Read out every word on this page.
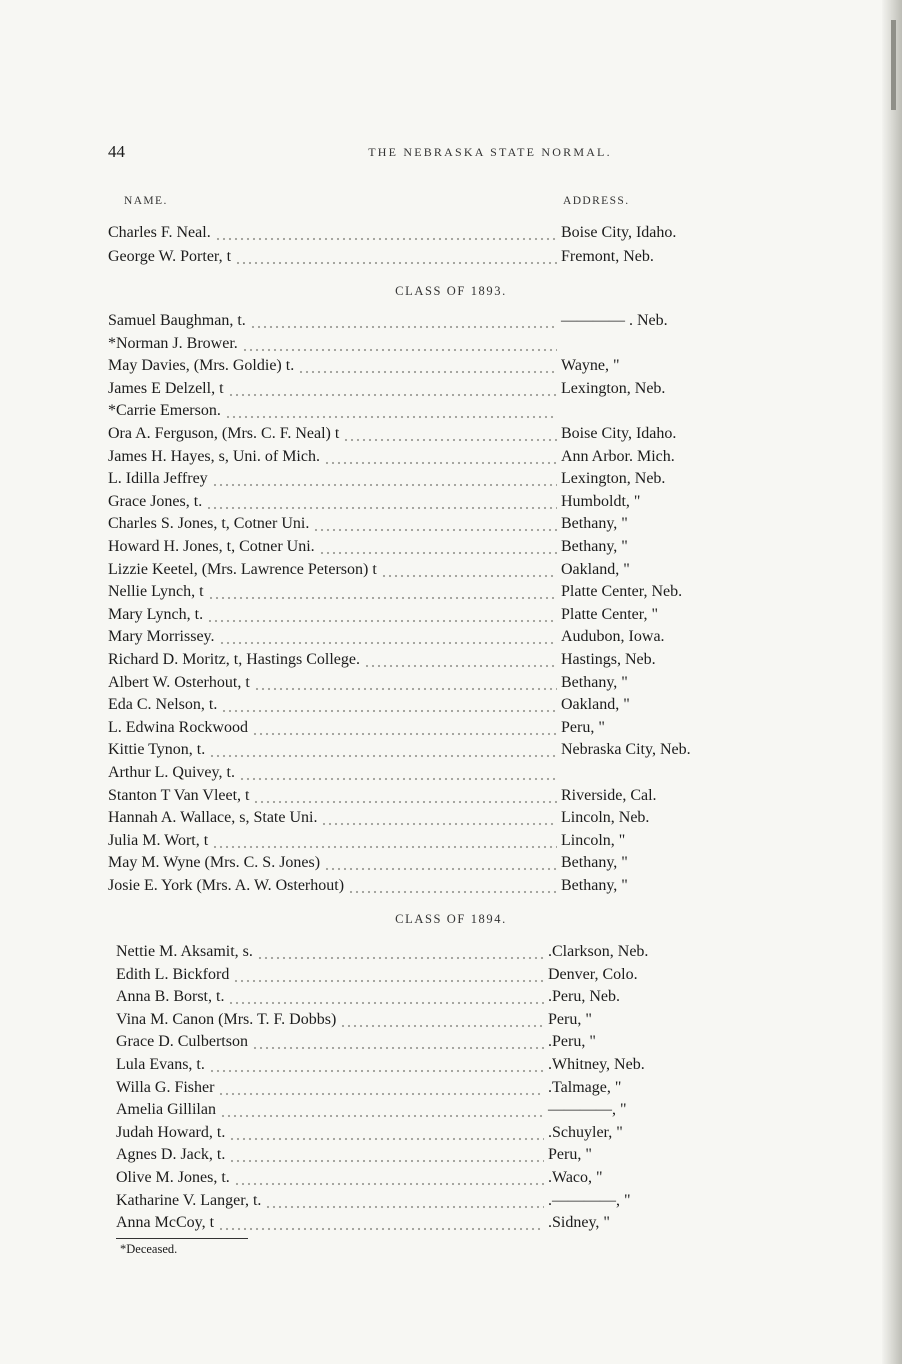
44	THE NEBRASKA STATE NORMAL.
NAME.	ADDRESS.
Charles F. Neal.	Boise City, Idaho.
George W. Porter, t	Fremont, Neb.
CLASS OF 1893.
Samuel Baughman, t.	———— . Neb.
*Norman J. Brower.
May Davies, (Mrs. Goldie) t.	Wayne, "
James E Delzell, t	Lexington, Neb.
*Carrie Emerson.
Ora A. Ferguson, (Mrs. C. F. Neal) t	Boise City, Idaho.
James H. Hayes, s, Uni. of Mich.	Ann Arbor. Mich.
L. Idilla Jeffrey	Lexington, Neb.
Grace Jones, t.	Humboldt, "
Charles S. Jones, t, Cotner Uni.	Bethany, "
Howard H. Jones, t, Cotner Uni.	Bethany, "
Lizzie Keetel, (Mrs. Lawrence Peterson) t	Oakland, "
Nellie Lynch, t	Platte Center, Neb.
Mary Lynch, t.	Platte Center, "
Mary Morrissey.	Audubon, Iowa.
Richard D. Moritz, t, Hastings College.	Hastings, Neb.
Albert W. Osterhout, t	Bethany, "
Eda C. Nelson, t.	Oakland, "
L. Edwina Rockwood	Peru, "
Kittie Tynon, t.	Nebraska City, Neb.
Arthur L. Quivey, t.
Stanton T Van Vleet, t	Riverside, Cal.
Hannah A. Wallace, s, State Uni.	Lincoln, Neb.
Julia M. Wort, t	Lincoln, "
May M. Wyne (Mrs. C. S. Jones)	Bethany, "
Josie E. York (Mrs. A. W. Osterhout)	Bethany, "
CLASS OF 1894.
Nettie M. Aksamit, s.	.Clarkson, Neb.
Edith L. Bickford	Denver, Colo.
Anna B. Borst, t.	.Peru, Neb.
Vina M. Canon (Mrs. T. F. Dobbs)	Peru, "
Grace D. Culbertson	.Peru, "
Lula Evans, t.	.Whitney, Neb.
Willa G. Fisher	.Talmage, "
Amelia Gillilan	————, "
Judah Howard, t.	.Schuyler, "
Agnes D. Jack, t.	Peru, "
Olive M. Jones, t.	.Waco, "
Katharine V. Langer, t.	.————, "
Anna McCoy, t	.Sidney, "
*Deceased.
